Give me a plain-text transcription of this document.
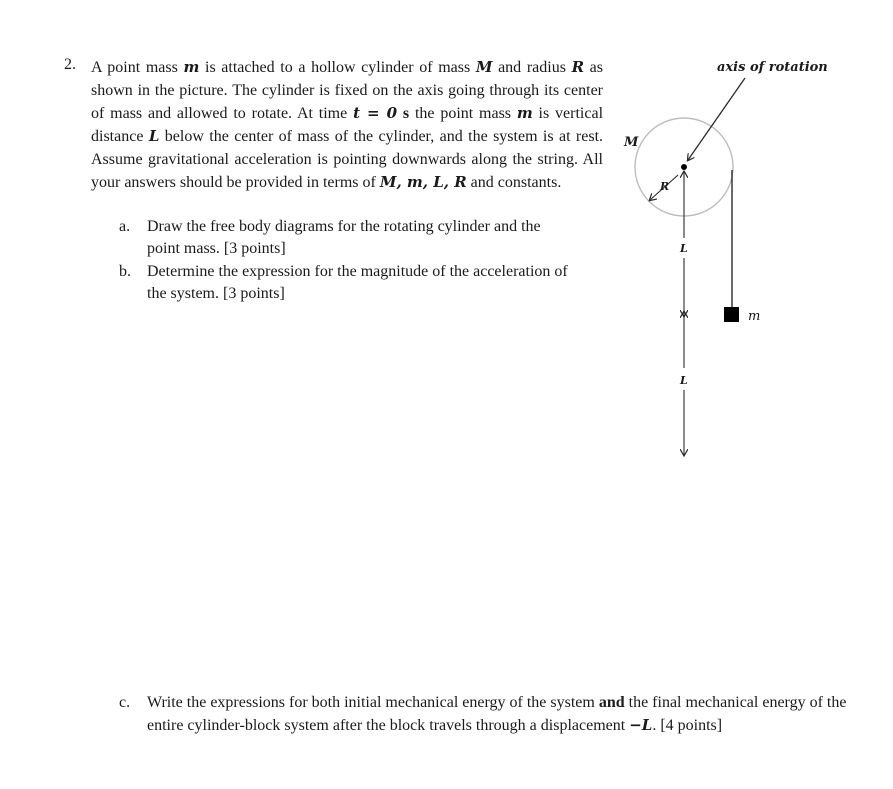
2. A point mass m is attached to a hollow cylinder of mass M and radius R as shown in the picture. The cylinder is fixed on the axis going through its center of mass and allowed to rotate. At time t = 0 s the point mass m is vertical distance L below the center of mass of the cylinder, and the system is at rest. Assume gravitational acceleration is pointing downwards along the string. All your answers should be provided in terms of M, m, L, R and constants.

a. Draw the free body diagrams for the rotating cylinder and the point mass. [3 points]
b. Determine the expression for the magnitude of the acceleration of the system. [3 points]
c. Write the expressions for both initial mechanical energy of the system and the final mechanical energy of the entire cylinder-block system after the block travels through a displacement −L. [4 points]
axis of rotation
M
R
L
L
m
